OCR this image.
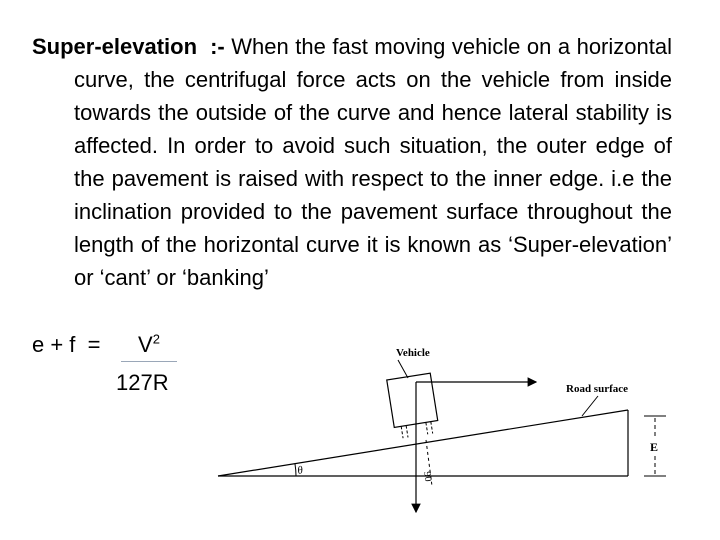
Super-elevation :- When the fast moving vehicle on a horizontal curve, the centrifugal force acts on the vehicle from inside towards the outside of the curve and hence lateral stability is affected. In order to avoid such situation, the outer edge of the pavement is raised with respect to the inner edge. i.e the inclination provided to the pavement surface throughout the length of the horizontal curve it is known as ‘Super-elevation’ or ‘cant’ or ‘banking’

e + f  =	$V^2$
127R
E
θ
Vehicle
90
Road surface
